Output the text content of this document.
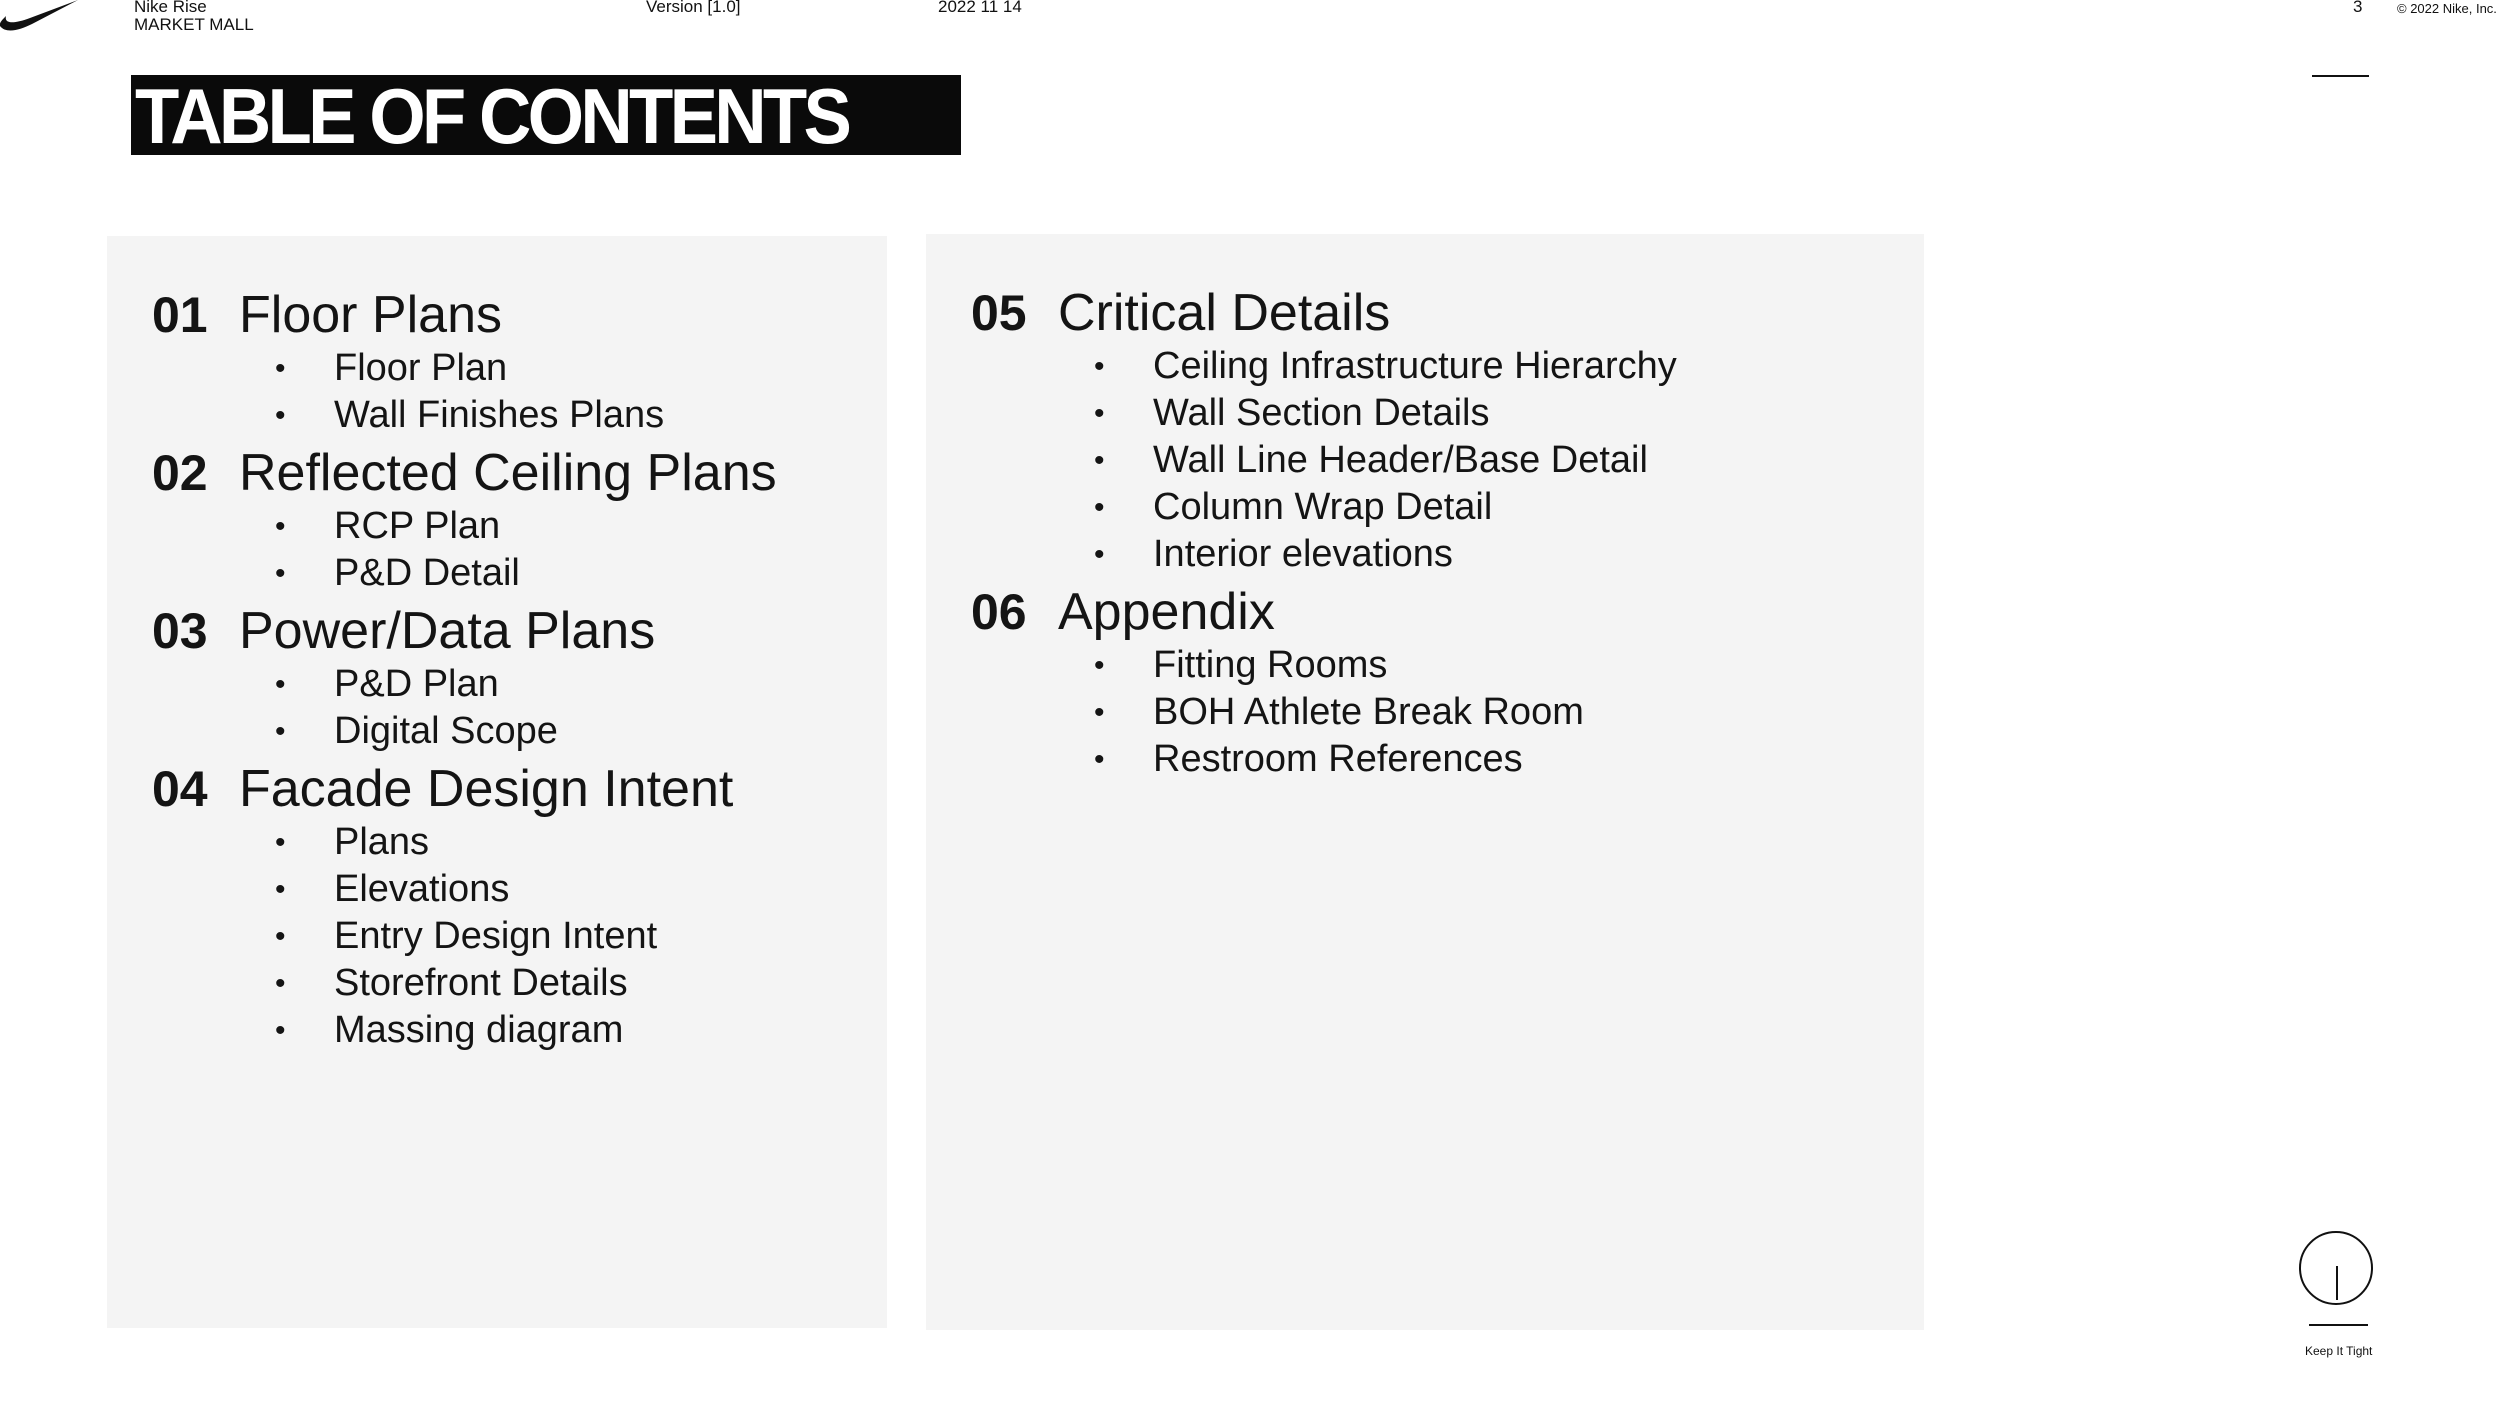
Nike Rise
MARKET MALL
Version [1.0]	2022 11 14	3	© 2022 Nike, Inc.
TABLE OF CONTENTS
01 Floor Plans
• Floor Plan
• Wall Finishes Plans
02 Reflected Ceiling Plans
• RCP Plan
• P&D Detail
03 Power/Data Plans
• P&D Plan
• Digital Scope
04 Facade Design Intent
• Plans
• Elevations
• Entry Design Intent
• Storefront Details
• Massing diagram
05 Critical Details
• Ceiling Infrastructure Hierarchy
• Wall Section Details
• Wall Line Header/Base Detail
• Column Wrap Detail
• Interior elevations
06 Appendix
• Fitting Rooms
• BOH Athlete Break Room
• Restroom References
Keep It Tight
